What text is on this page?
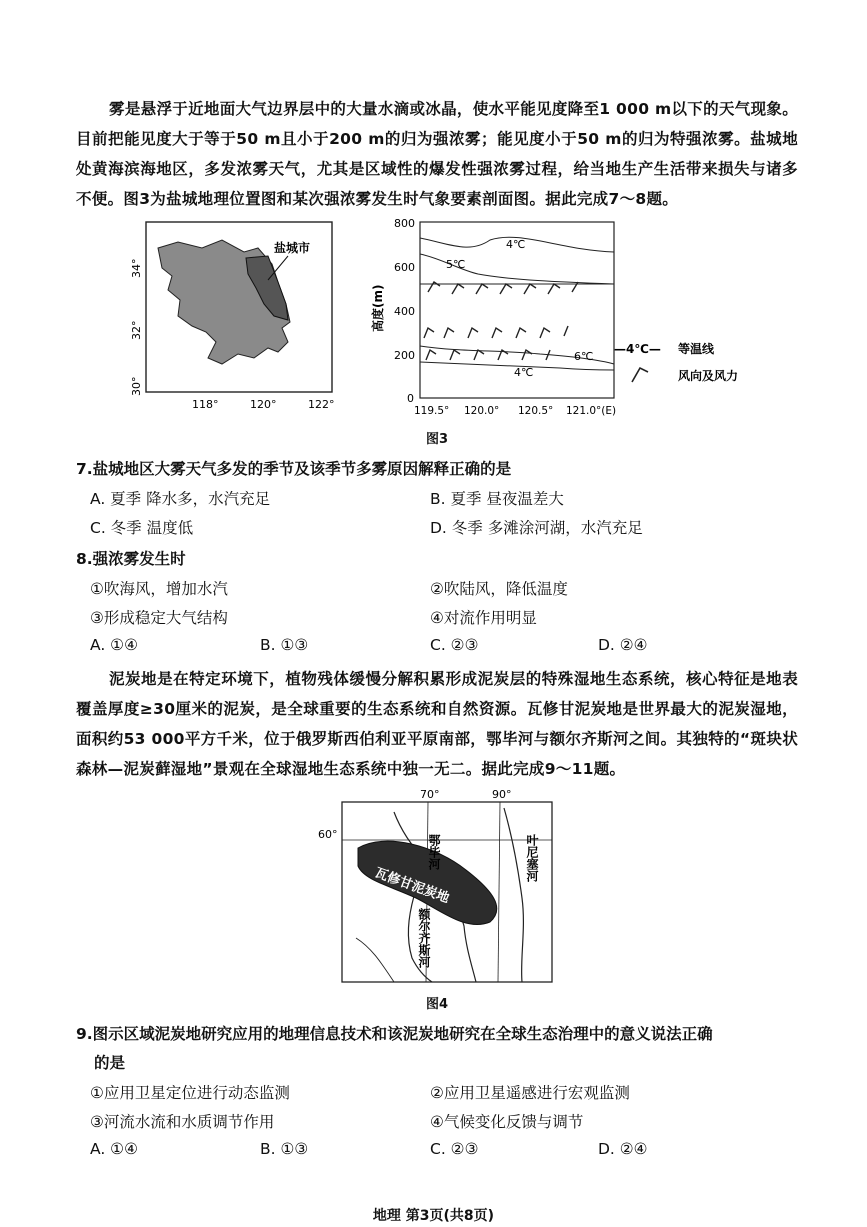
雾是悬浮于近地面大气边界层中的大量水滴或冰晶，使水平能见度降至1 000 m以下的天气现象。目前把能见度大于等于50 m且小于200 m的归为强浓雾；能见度小于50 m的归为特强浓雾。盐城地处黄海滨海地区，多发浓雾天气，尤其是区域性的爆发性强浓雾过程，给当地生产生活带来损失与诸多不便。图3为盐城地理位置图和某次强浓雾发生时气象要素剖面图。据此完成7～8题。
盐城市
34°
32°
30°
118°	120°	122°
高度(m)
800
600
400
200
0
4℃
5℃
6℃
4℃
119.5° 120.0° 120.5° 121.0°(E)
—4℃— 等温线
风向及风力
图3
7.盐城地区大雾天气多发的季节及该季节多雾原因解释正确的是
A. 夏季 降水多，水汽充足	B. 夏季 昼夜温差大
C. 冬季 温度低	D. 冬季 多滩涂河湖，水汽充足
8.强浓雾发生时
①吹海风，增加水汽	②吹陆风，降低温度
③形成稳定大气结构	④对流作用明显
A. ①④	B. ①③	C. ②③	D. ②④
泥炭地是在特定环境下，植物残体缓慢分解积累形成泥炭层的特殊湿地生态系统，核心特征是地表覆盖厚度≥30厘米的泥炭，是全球重要的生态系统和自然资源。瓦修甘泥炭地是世界最大的泥炭湿地，面积约53 000平方千米，位于俄罗斯西伯利亚平原南部，鄂毕河与额尔齐斯河之间。其独特的“斑块状森林—泥炭藓湿地”景观在全球湿地生态系统中独一无二。据此完成9～11题。
瓦修甘泥炭地
70°	90°
60°	鄂毕河
额尔齐斯河
叶尼塞河
图4
9.图示区域泥炭地研究应用的地理信息技术和该泥炭地研究在全球生态治理中的意义说法正确
的是
①应用卫星定位进行动态监测	②应用卫星遥感进行宏观监测
③河流水流和水质调节作用	④气候变化反馈与调节
A. ①④	B. ①③	C. ②③	D. ②④
地理 第3页(共8页)
